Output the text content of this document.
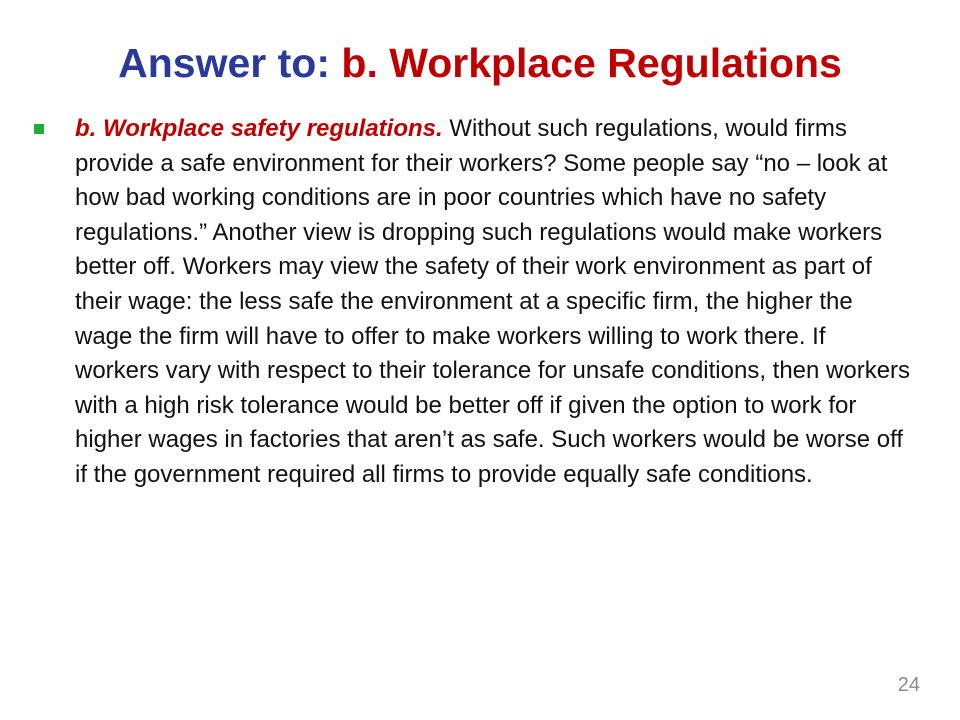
Answer to: b. Workplace Regulations

b. Workplace safety regulations. Without such regulations, would firms provide a safe environment for their workers? Some people say “no – look at how bad working conditions are in poor countries which have no safety regulations.” Another view is dropping such regulations would make workers better off. Workers may view the safety of their work environment as part of their wage: the less safe the environment at a specific firm, the higher the wage the firm will have to offer to make workers willing to work there. If workers vary with respect to their tolerance for unsafe conditions, then workers with a high risk tolerance would be better off if given the option to work for higher wages in factories that aren’t as safe. Such workers would be worse off if the government required all firms to provide equally safe conditions.

24
